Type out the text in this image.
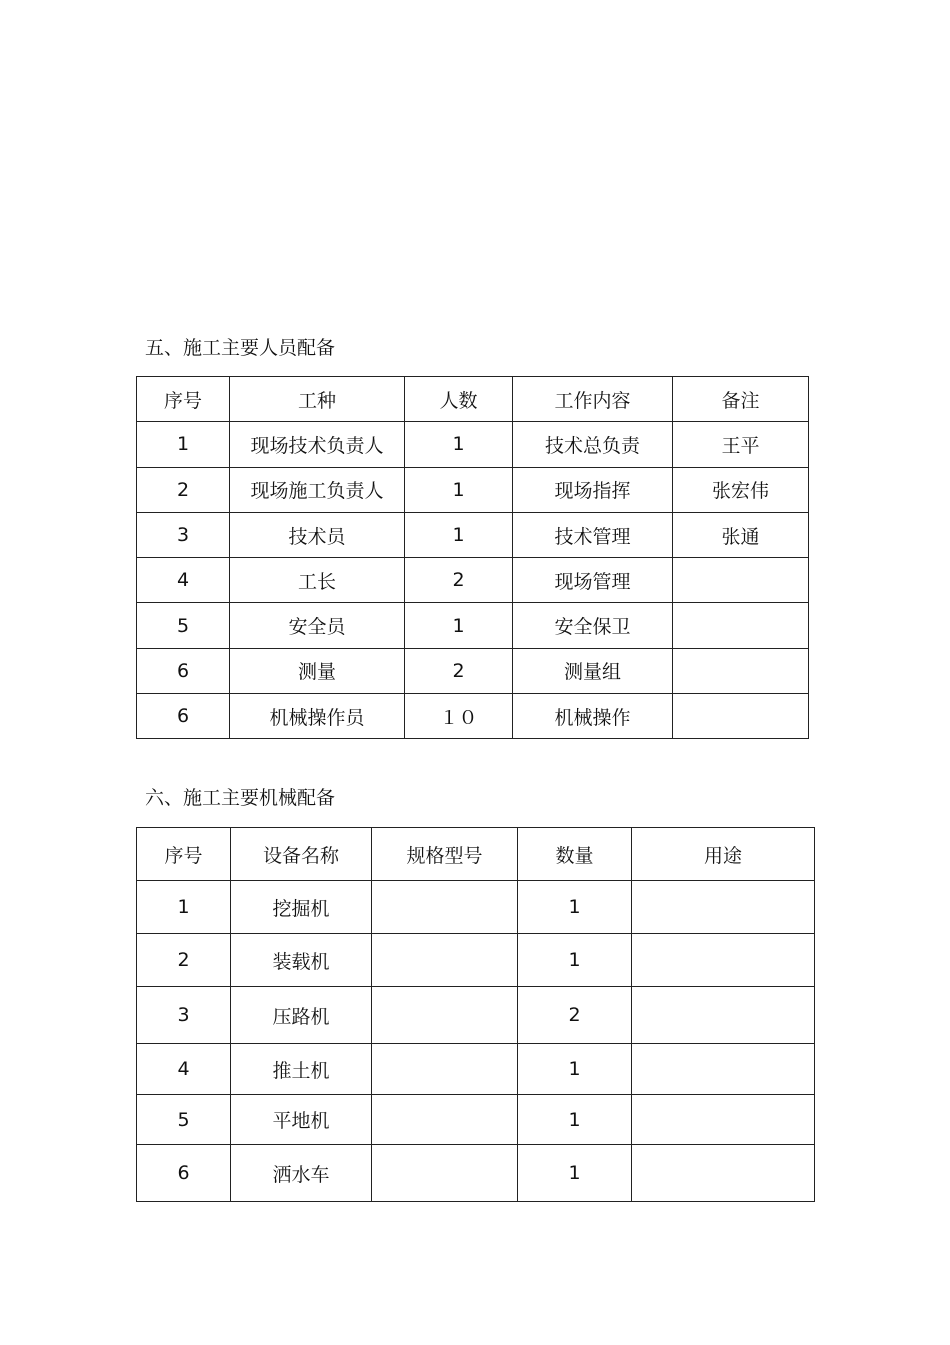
五、施工主要人员配备
序号	工种	人数	工作内容	备注
1	现场技术负责人	1	技术总负责	王平
2	现场施工负责人	1	现场指挥	张宏伟
3	技术员	1	技术管理	张通
4	工长	2	现场管理	
5	安全员	1	安全保卫	
6	测量	2	测量组	
6	机械操作员	１０	机械操作	
六、施工主要机械配备
序号	设备名称	规格型号	数量	用途
1	挖掘机		1	
2	装载机		1	
3	压路机		2	
4	推土机		1	
5	平地机		1	
6	洒水车		1	
